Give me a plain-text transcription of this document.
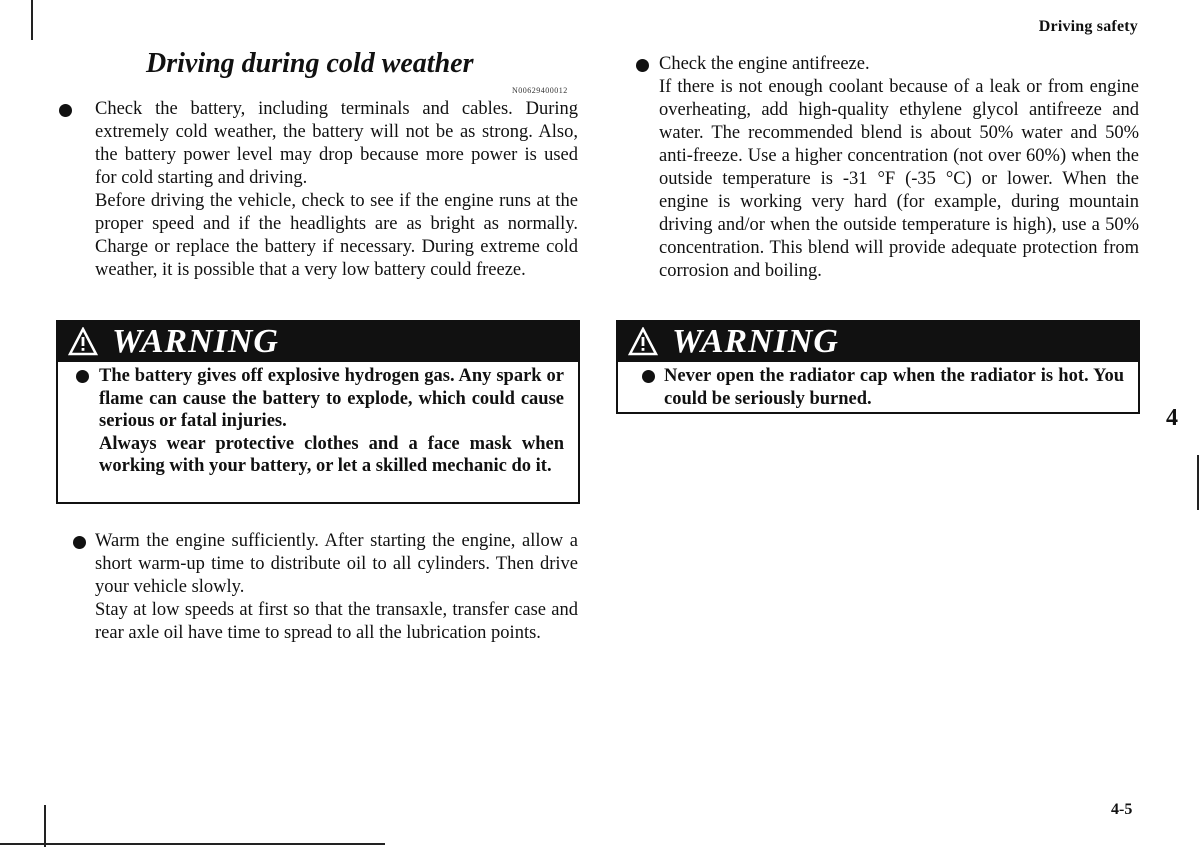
Driving safety
Driving during cold weather
N00629400012

Check the battery, including terminals and cables. During extremely cold weather, the battery will not be as strong. Also, the battery power level may drop because more power is used for cold starting and driving.

Before driving the vehicle, check to see if the engine runs at the proper speed and if the headlights are as bright as normally. Charge or replace the battery if necessary. During extreme cold weather, it is possible that a very low battery could freeze.

WARNING

The battery gives off explosive hydrogen gas. Any spark or flame can cause the battery to explode, which could cause serious or fatal injuries.

Always wear protective clothes and a face mask when working with your battery, or let a skilled mechanic do it.

Warm the engine sufficiently. After starting the engine, allow a short warm-up time to distribute oil to all cylinders. Then drive your vehicle slowly.

Stay at low speeds at first so that the transaxle, transfer case and rear axle oil have time to spread to all the lubrication points.

Check the engine antifreeze.

If there is not enough coolant because of a leak or from engine overheating, add high-quality ethylene glycol antifreeze and water. The recommended blend is about 50% water and 50% anti-freeze. Use a higher concentration (not over 60%) when the outside temperature is -31 °F (-35 °C) or lower. When the engine is working very hard (for example, during mountain driving and/or when the outside temperature is high), use a 50% concentration. This blend will provide adequate protection from corrosion and boiling.

WARNING

Never open the radiator cap when the radiator is hot. You could be seriously burned.

4
4-5
